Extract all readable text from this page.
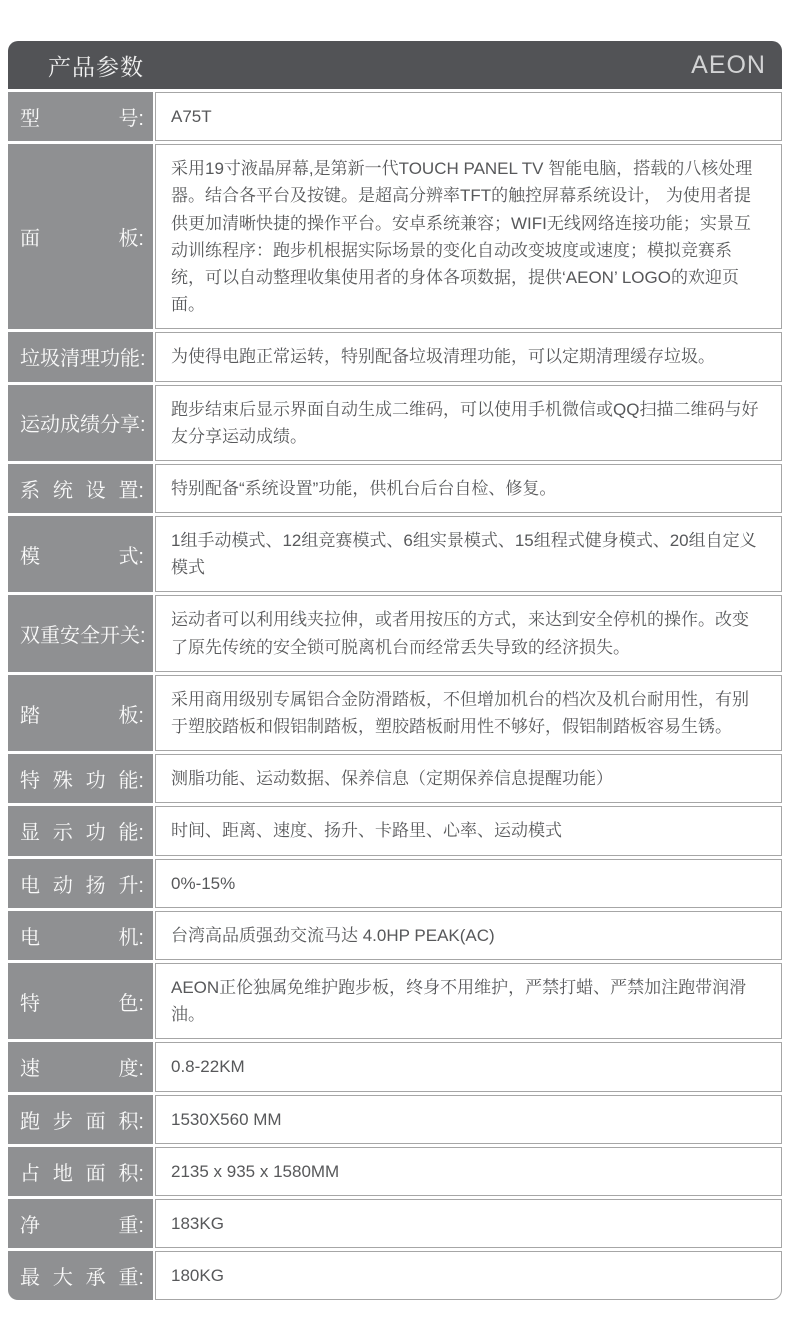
产品参数	AEON
型	号: A75T
面	板:
采用19寸液晶屏幕,是第新一代TOUCH PANEL TV 智能电脑，搭载的八核处理器。结合各平台及按键。是超高分辨率TFT的触控屏幕系统设计， 为使用者提供更加清晰快捷的操作平台。安卓系统兼容；WIFI无线网络连接功能；实景互动训练程序：跑步机根据实际场景的变化自动改变坡度或速度；模拟竞赛系统，可以自动整理收集使用者的身体各项数据，提供‘AEON’ LOGO的欢迎页面。
垃 圾 清 理 功 能: 为使得电跑正常运转，特别配备垃圾清理功能，可以定期清理缓存垃圾。
运 动 成 绩 分 享:
跑步结束后显示界面自动生成二维码，可以使用手机微信或QQ扫描二维码与好友分享运动成绩。
系 统 设 置: 特别配备“系统设置”功能，供机台后台自检、修复。
模	式:
1组手动模式、12组竞赛模式、6组实景模式、15组程式健身模式、20组自定义模式
双 重 安 全 开 关:
运动者可以利用线夹拉伸，或者用按压的方式，来达到安全停机的操作。改变了原先传统的安全锁可脱离机台而经常丢失导致的经济损失。
踏	板:
采用商用级别专属铝合金防滑踏板，不但增加机台的档次及机台耐用性，有别于塑胶踏板和假铝制踏板，塑胶踏板耐用性不够好，假铝制踏板容易生锈。
特 殊 功 能: 测脂功能、运动数据、保养信息（定期保养信息提醒功能）
显 示 功 能: 时间、距离、速度、扬升、卡路里、心率、运动模式
电 动 扬 升: 0%-15%
电	机: 台湾高品质强劲交流马达 4.0HP PEAK(AC)
特	色:
AEON正伦独属免维护跑步板，终身不用维护，严禁打蜡、严禁加注跑带润滑油。
速	度: 0.8-22KM
跑 步 面 积: 1530X560 MM
占 地 面 积: 2135 x 935 x 1580MM
净	重: 183KG
最 大 承 重: 180KG
